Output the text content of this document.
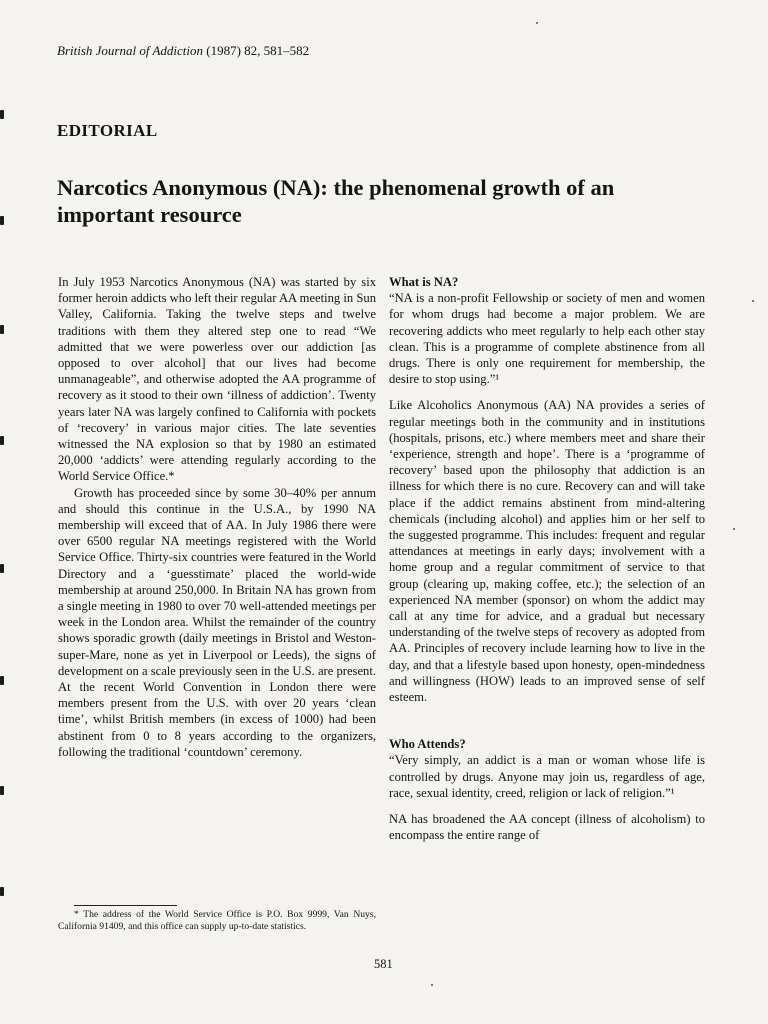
British Journal of Addiction (1987) 82, 581–582
EDITORIAL
Narcotics Anonymous (NA): the phenomenal growth of an important resource

In July 1953 Narcotics Anonymous (NA) was started by six former heroin addicts who left their regular AA meeting in Sun Valley, California. Taking the twelve steps and twelve traditions with them they altered step one to read “We admitted that we were powerless over our addiction [as opposed to over alcohol] that our lives had become unmanageable”, and otherwise adopted the AA programme of recovery as it stood to their own ‘illness of addiction’. Twenty years later NA was largely confined to California with pockets of ‘recovery’ in various major cities. The late seventies witnessed the NA explosion so that by 1980 an estimated 20,000 ‘addicts’ were attending regularly according to the World Service Office.*

Growth has proceeded since by some 30–40% per annum and should this continue in the U.S.A., by 1990 NA membership will exceed that of AA. In July 1986 there were over 6500 regular NA meetings registered with the World Service Office. Thirty-six countries were featured in the World Directory and a ‘guesstimate’ placed the world-wide membership at around 250,000. In Britain NA has grown from a single meeting in 1980 to over 70 well-attended meetings per week in the London area. Whilst the remainder of the country shows sporadic growth (daily meetings in Bristol and Weston-super-Mare, none as yet in Liverpool or Leeds), the signs of development on a scale previously seen in the U.S. are present. At the recent World Convention in London there were members present from the U.S. with over 20 years ‘clean time’, whilst British members (in excess of 1000) had been abstinent from 0 to 8 years according to the organizers, following the traditional ‘countdown’ ceremony.

* The address of the World Service Office is P.O. Box 9999, Van Nuys, California 91409, and this office can supply up-to-date statistics.

What is NA?

“NA is a non-profit Fellowship or society of men and women for whom drugs had become a major problem. We are recovering addicts who meet regularly to help each other stay clean. This is a programme of complete abstinence from all drugs. There is only one requirement for membership, the desire to stop using.”¹

Like Alcoholics Anonymous (AA) NA provides a series of regular meetings both in the community and in institutions (hospitals, prisons, etc.) where members meet and share their ‘experience, strength and hope’. There is a ‘programme of recovery’ based upon the philosophy that addiction is an illness for which there is no cure. Recovery can and will take place if the addict remains abstinent from mind-altering chemicals (including alcohol) and applies him or her self to the suggested programme. This includes: frequent and regular attendances at meetings in early days; involvement with a home group and a regular commitment of service to that group (clearing up, making coffee, etc.); the selection of an experienced NA member (sponsor) on whom the addict may call at any time for advice, and a gradual but necessary understanding of the twelve steps of recovery as adopted from AA. Principles of recovery include learning how to live in the day, and that a lifestyle based upon honesty, open-mindedness and willingness (HOW) leads to an improved sense of self esteem.

Who Attends?

“Very simply, an addict is a man or woman whose life is controlled by drugs. Anyone may join us, regardless of age, race, sexual identity, creed, religion or lack of religion.”¹

NA has broadened the AA concept (illness of alcoholism) to encompass the entire range of

581
